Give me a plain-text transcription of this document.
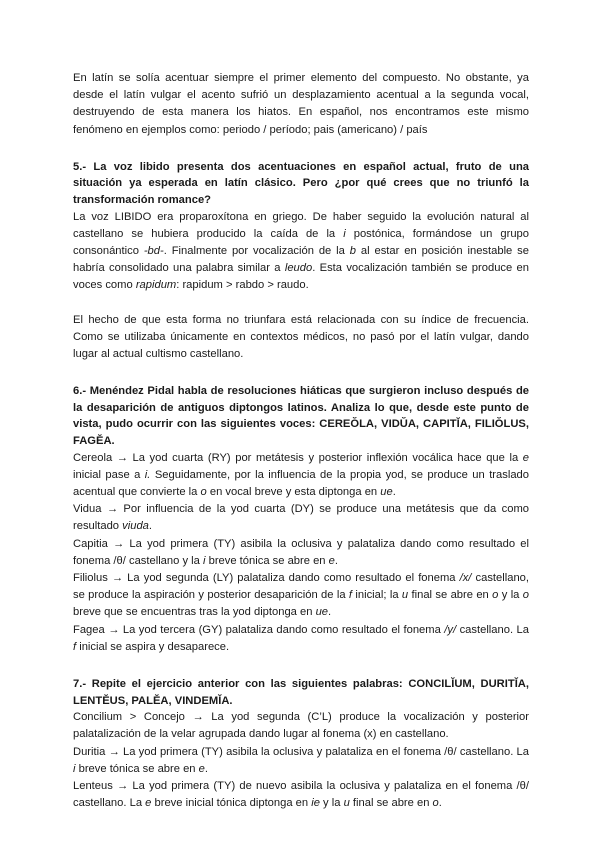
En latín se solía acentuar siempre el primer elemento del compuesto. No obstante, ya desde el latín vulgar el acento sufrió un desplazamiento acentual a la segunda vocal, destruyendo de esta manera los hiatos. En español, nos encontramos este mismo fenómeno en ejemplos como: periodo / período; pais (americano) / país

5.- La voz libido presenta dos acentuaciones en español actual, fruto de una situación ya esperada en latín clásico. Pero ¿por qué crees que no triunfó la transformación romance?

La voz LIBIDO era proparoxítona en griego. De haber seguido la evolución natural al castellano se hubiera producido la caída de la i postónica, formándose un grupo consonántico -bd-. Finalmente por vocalización de la b al estar en posición inestable se habría consolidado una palabra similar a leudo. Esta vocalización también se produce en voces como rapidum: rapidum > rabdo > raudo.

El hecho de que esta forma no triunfara está relacionada con su índice de frecuencia. Como se utilizaba únicamente en contextos médicos, no pasó por el latín vulgar, dando lugar al actual cultismo castellano.

6.- Menéndez Pidal habla de resoluciones hiáticas que surgieron incluso después de la desaparición de antiguos diptongos latinos. Analiza lo que, desde este punto de vista, pudo ocurrir con las siguientes voces: CEREŎLA, VIDŬA, CAPITĬA, FILIŎLUS, FAGĔA.

Cereola → La yod cuarta (RY) por metátesis y posterior inflexión vocálica hace que la e inicial pase a i. Seguidamente, por la influencia de la propia yod, se produce un traslado acentual que convierte la o en vocal breve y esta diptonga en ue.

Vidua → Por influencia de la yod cuarta (DY) se produce una metátesis que da como resultado viuda.

Capitia → La yod primera (TY) asibila la oclusiva y palataliza dando como resultado el fonema /θ/ castellano y la i breve tónica se abre en e.

Filiolus → La yod segunda (LY) palataliza dando como resultado el fonema /x/ castellano, se produce la aspiración y posterior desaparición de la f inicial; la u final se abre en o y la o breve que se encuentras tras la yod diptonga en ue.

Fagea → La yod tercera (GY) palataliza dando como resultado el fonema /y/ castellano. La f inicial se aspira y desaparece.

7.- Repite el ejercicio anterior con las siguientes palabras: CONCILĬUM, DURITĬA, LENTĔUS, PALĔA, VINDEMĬA.

Concilium > Concejo → La yod segunda (C’L) produce la vocalización y posterior palatalización de la velar agrupada dando lugar al fonema (x) en castellano.

Duritia → La yod primera (TY) asibila la oclusiva y palataliza en el fonema /θ/ castellano. La i breve tónica se abre en e.

Lenteus → La yod primera (TY) de nuevo asibila la oclusiva y palataliza en el fonema /θ/ castellano. La e breve inicial tónica diptonga en ie y la u final se abre en o.
